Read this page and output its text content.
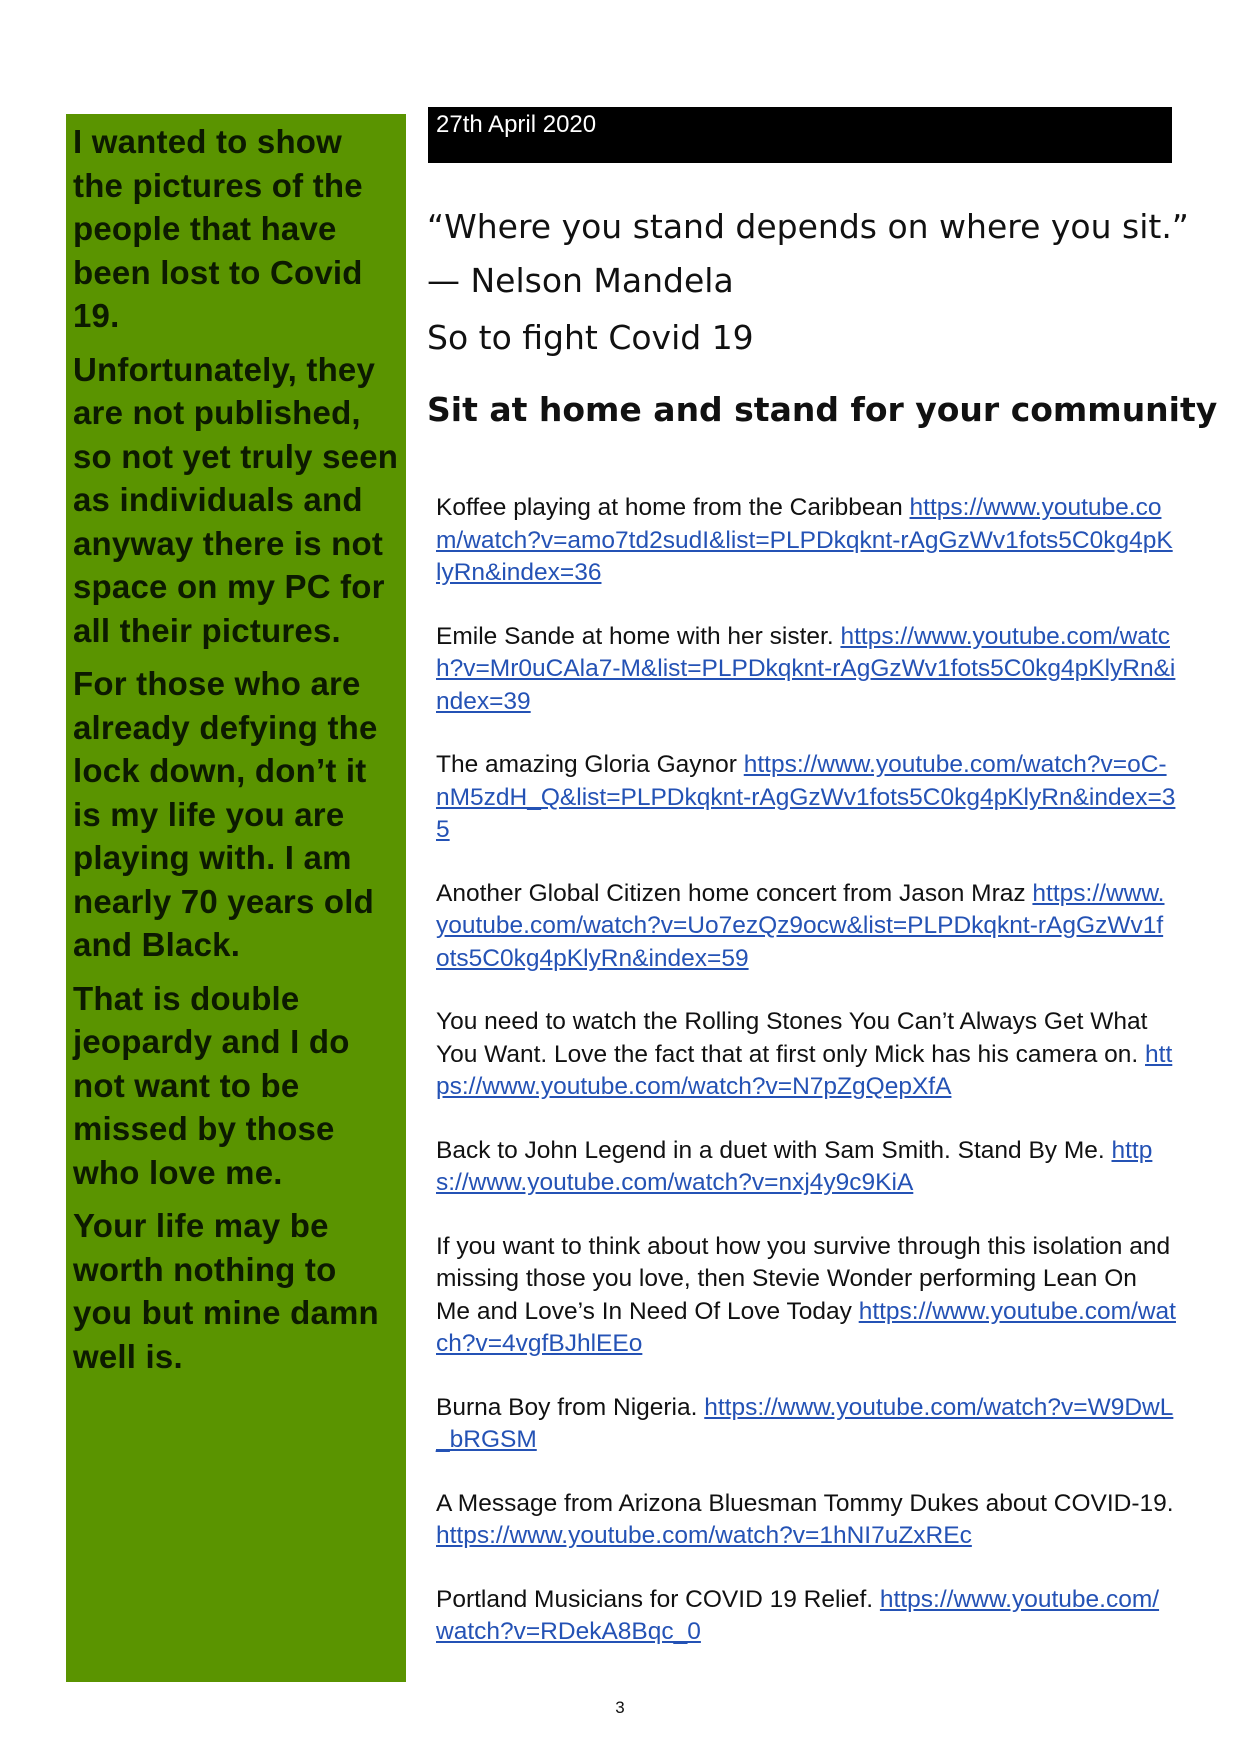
I wanted to show the pictures of the people that have been lost to Covid 19.

Unfortunately, they are not published, so not yet truly seen as individuals and anyway there is not space on my PC for all their pictures.

For those who are already defying the lock down, don’t it is my life you are playing with. I am nearly 70 years old and Black.

That is double jeopardy and I do not want to be missed by those who love me.

Your life may be worth nothing to you but mine damn well is.

27th April 2020
“Where you stand depends on where you sit.”
— Nelson Mandela
So to fight Covid 19
Sit at home and stand for your community
Koffee playing at home from the Caribbean https://www.youtube.com/watch?v=amo7td2sudI&list=PLPDkqknt-rAgGzWv1fots5C0kg4pKlyRn&index=36
Emile Sande at home with her sister. https://www.youtube.com/watch?v=Mr0uCAla7-M&list=PLPDkqknt-rAgGzWv1fots5C0kg4pKlyRn&index=39
The amazing Gloria Gaynor https://www.youtube.com/watch?v=oC-nM5zdH_Q&list=PLPDkqknt-rAgGzWv1fots5C0kg4pKlyRn&index=35
Another Global Citizen home concert from Jason Mraz https://www.youtube.com/watch?v=Uo7ezQz9ocw&list=PLPDkqknt-rAgGzWv1fots5C0kg4pKlyRn&index=59
You need to watch the Rolling Stones You Can’t Always Get What You Want. Love the fact that at first only Mick has his camera on. https://www.youtube.com/watch?v=N7pZgQepXfA
Back to John Legend in a duet with Sam Smith. Stand By Me. https://www.youtube.com/watch?v=nxj4y9c9KiA
If you want to think about how you survive through this isolation and missing those you love, then Stevie Wonder performing Lean On Me and Love’s In Need Of Love Today https://www.youtube.com/watch?v=4vgfBJhlEEo
Burna Boy from Nigeria. https://www.youtube.com/watch?v=W9DwL_bRGSM
A Message from Arizona Bluesman Tommy Dukes about COVID-19. https://www.youtube.com/watch?v=1hNI7uZxREc
Portland Musicians for COVID 19 Relief. https://www.youtube.com/watch?v=RDekA8Bqc_0
3
